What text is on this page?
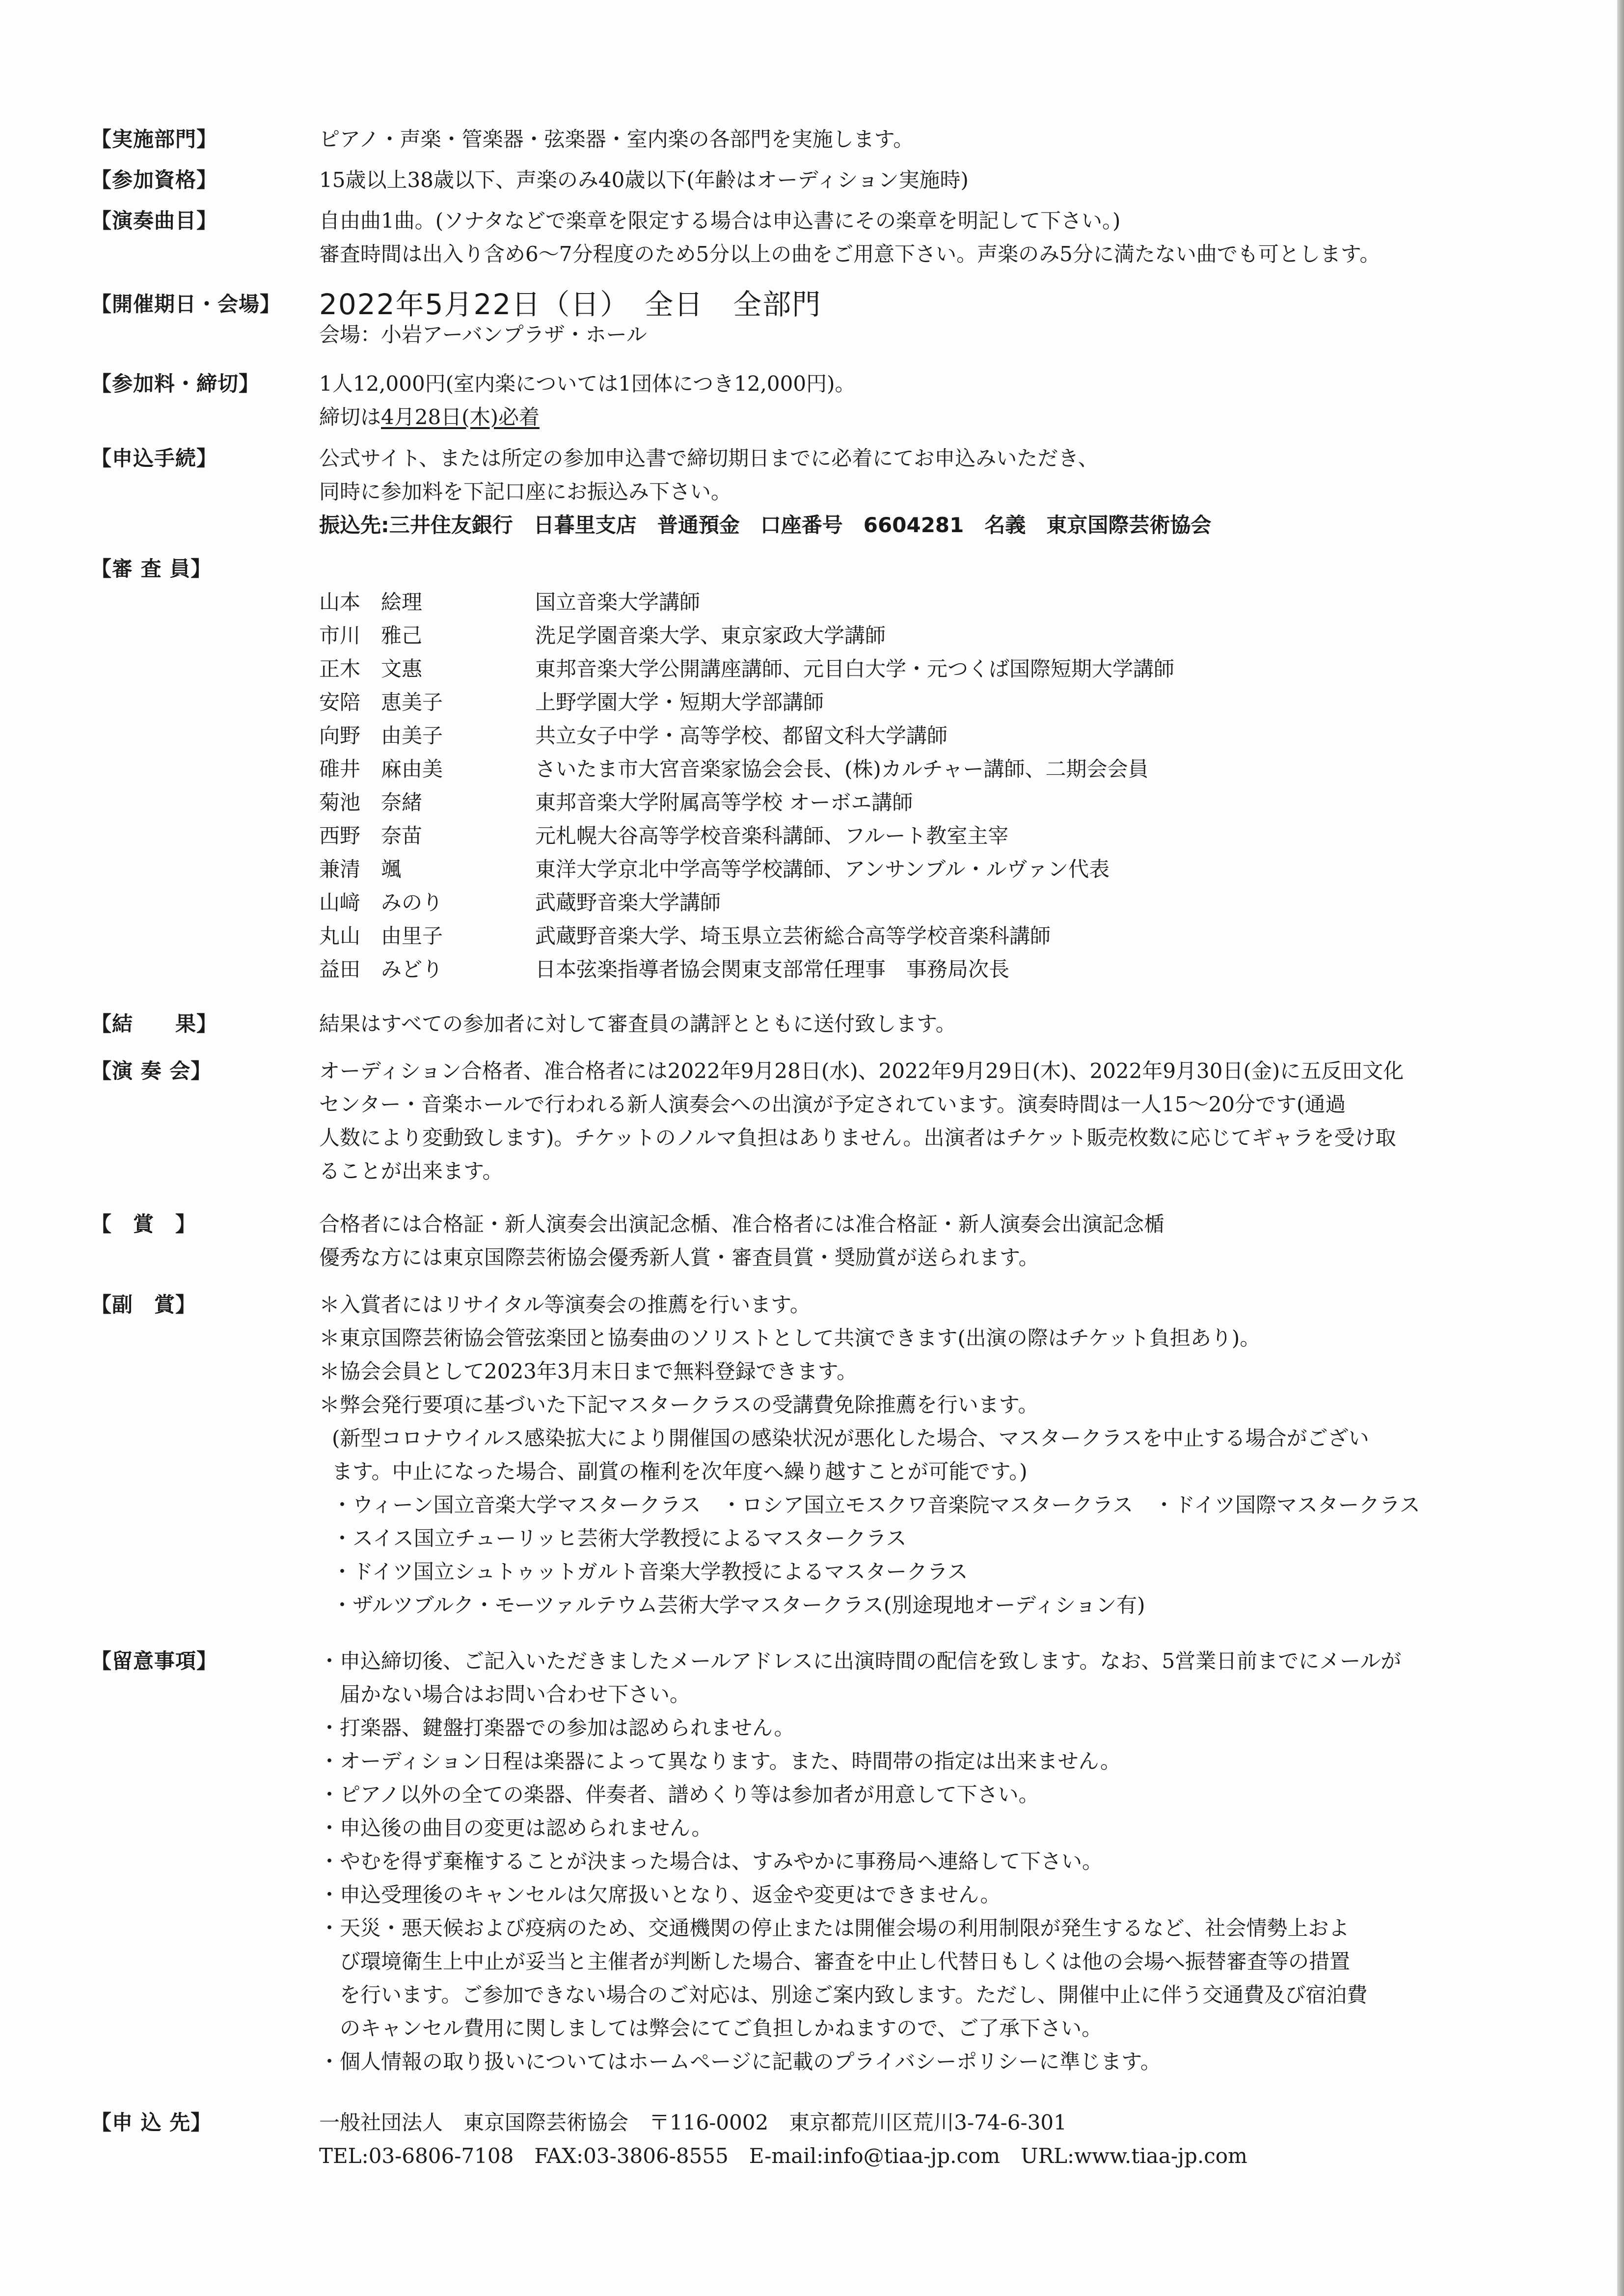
【実施部門】	ピアノ・声楽・管楽器・弦楽器・室内楽の各部門を実施します。
【参加資格】	15歳以上38歳以下、声楽のみ40歳以下(年齢はオーディション実施時)
【演奏曲目】	自由曲1曲。(ソナタなどで楽章を限定する場合は申込書にその楽章を明記して下さい。)
審査時間は出入り含め6～7分程度のため5分以上の曲をご用意下さい。声楽のみ5分に満たない曲でも可とします。
【開催期日・会場】 2022年5月22日（日）　全日　全部門
会場：小岩アーバンプラザ・ホール
【参加料・締切】	1人12,000円(室内楽については1団体につき12,000円)。
締切は4月28日(木)必着
【申込手続】	公式サイト、または所定の参加申込書で締切期日までに必着にてお申込みいただき、
同時に参加料を下記口座にお振込み下さい。
振込先:三井住友銀行　日暮里支店　普通預金　口座番号　6604281　名義　東京国際芸術協会
【審 査 員】
山本　絵理	国立音楽大学講師
市川　雅己	洗足学園音楽大学、東京家政大学講師
正木　文惠	東邦音楽大学公開講座講師、元目白大学・元つくば国際短期大学講師
安陪　恵美子	上野学園大学・短期大学部講師
向野　由美子	共立女子中学・高等学校、都留文科大学講師
碓井　麻由美	さいたま市大宮音楽家協会会長、(株)カルチャー講師、二期会会員
菊池　奈緒	東邦音楽大学附属高等学校 オーボエ講師
西野　奈苗	元札幌大谷高等学校音楽科講師、フルート教室主宰
兼清　颯	東洋大学京北中学高等学校講師、アンサンブル・ルヴァン代表
山﨑　みのり	武蔵野音楽大学講師
丸山　由里子	武蔵野音楽大学、埼玉県立芸術総合高等学校音楽科講師
益田　みどり	日本弦楽指導者協会関東支部常任理事　事務局次長
【結　　果】	結果はすべての参加者に対して審査員の講評とともに送付致します。
【演 奏 会】	オーディション合格者、准合格者には2022年9月28日(水)、2022年9月29日(木)、2022年9月30日(金)に五反田文化
センター・音楽ホールで行われる新人演奏会への出演が予定されています。演奏時間は一人15～20分です(通過
人数により変動致します)。チケットのノルマ負担はありません。出演者はチケット販売枚数に応じてギャラを受け取
ることが出来ます。
【　賞　】	合格者には合格証・新人演奏会出演記念楯、准合格者には准合格証・新人演奏会出演記念楯
優秀な方には東京国際芸術協会優秀新人賞・審査員賞・奨励賞が送られます。
【副　賞】	＊入賞者にはリサイタル等演奏会の推薦を行います。
＊東京国際芸術協会管弦楽団と協奏曲のソリストとして共演できます(出演の際はチケット負担あり)。
＊協会会員として2023年3月末日まで無料登録できます。
＊弊会発行要項に基づいた下記マスタークラスの受講費免除推薦を行います。
(新型コロナウイルス感染拡大により開催国の感染状況が悪化した場合、マスタークラスを中止する場合がござい
ます。中止になった場合、副賞の権利を次年度へ繰り越すことが可能です。)
・ウィーン国立音楽大学マスタークラス　・ロシア国立モスクワ音楽院マスタークラス　・ドイツ国際マスタークラス
・スイス国立チューリッヒ芸術大学教授によるマスタークラス
・ドイツ国立シュトゥットガルト音楽大学教授によるマスタークラス
・ザルツブルク・モーツァルテウム芸術大学マスタークラス(別途現地オーディション有)
【留意事項】	・申込締切後、ご記入いただきましたメールアドレスに出演時間の配信を致します。なお、5営業日前までにメールが
　届かない場合はお問い合わせ下さい。
・打楽器、鍵盤打楽器での参加は認められません。
・オーディション日程は楽器によって異なります。また、時間帯の指定は出来ません。
・ピアノ以外の全ての楽器、伴奏者、譜めくり等は参加者が用意して下さい。
・申込後の曲目の変更は認められません。
・やむを得ず棄権することが決まった場合は、すみやかに事務局へ連絡して下さい。
・申込受理後のキャンセルは欠席扱いとなり、返金や変更はできません。
・天災・悪天候および疫病のため、交通機関の停止または開催会場の利用制限が発生するなど、社会情勢上およ
　び環境衛生上中止が妥当と主催者が判断した場合、審査を中止し代替日もしくは他の会場へ振替審査等の措置
　を行います。ご参加できない場合のご対応は、別途ご案内致します。ただし、開催中止に伴う交通費及び宿泊費
　のキャンセル費用に関しましては弊会にてご負担しかねますので、ご了承下さい。
・個人情報の取り扱いについてはホームページに記載のプライバシーポリシーに準じます。
【申 込 先】	一般社団法人　東京国際芸術協会　〒116-0002　東京都荒川区荒川3-74-6-301
TEL:03-6806-7108　FAX:03-3806-8555　E-mail:info@tiaa-jp.com　URL:www.tiaa-jp.com
